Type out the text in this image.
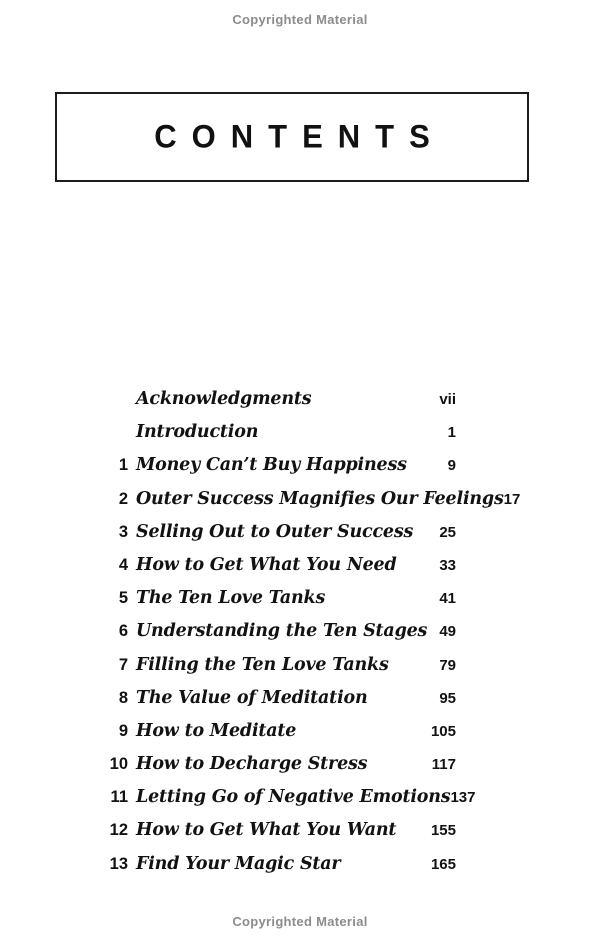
Copyrighted Material
CONTENTS
Acknowledgments	vii
Introduction	1
1 Money Can’t Buy Happiness	9
2 Outer Success Magnifies Our Feelings 17
3 Selling Out to Outer Success 25
4 How to Get What You Need	33
5 The Ten Love Tanks	41
6 Understanding the Ten Stages 49
7 Filling the Ten Love Tanks	79
8 The Value of Meditation	95
9 How to Meditate	105
10 How to Decharge Stress	117
11 Letting Go of Negative Emotions 137
12 How to Get What You Want 155
13 Find Your Magic Star	165
Copyrighted Material
